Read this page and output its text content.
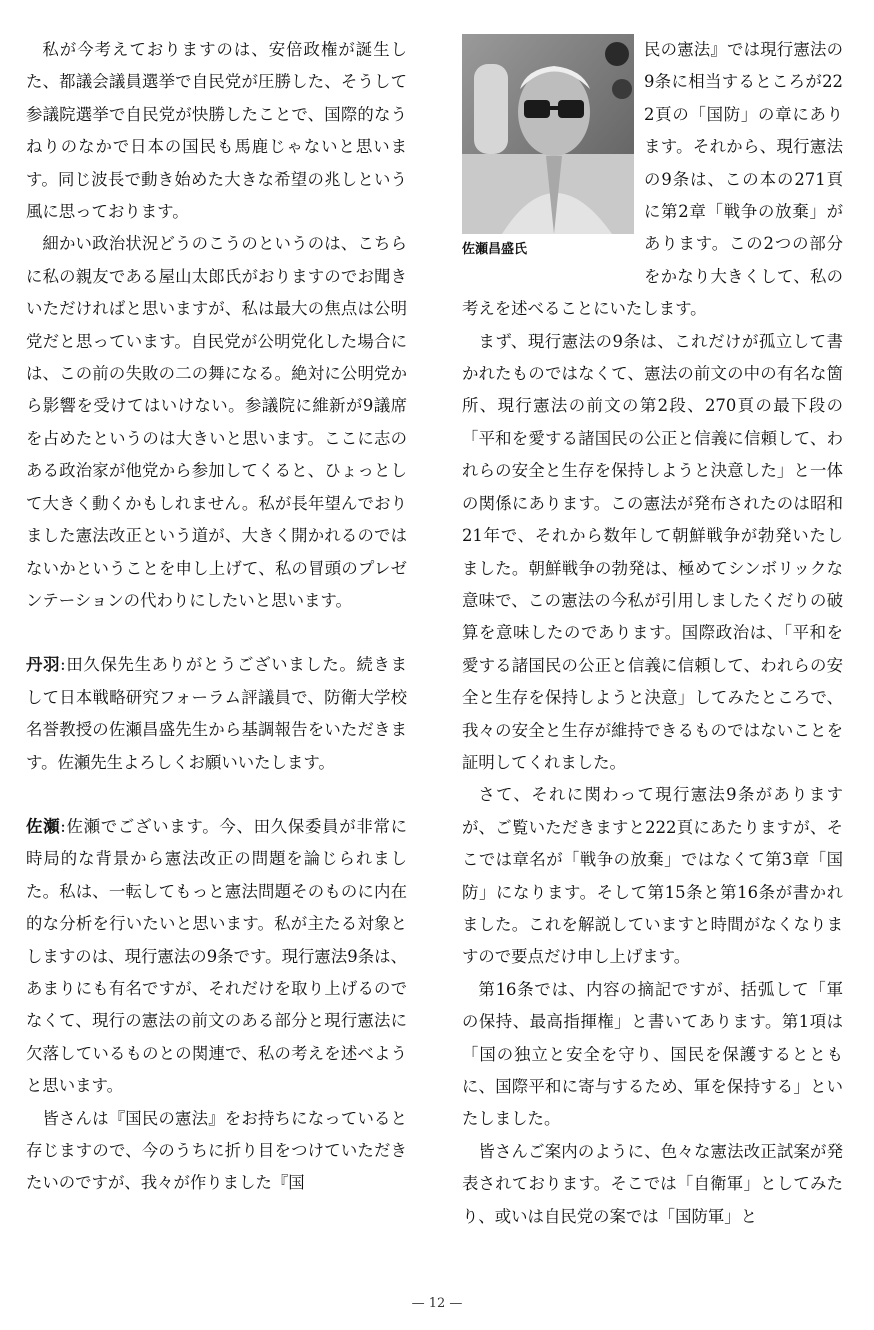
私が今考えておりますのは、安倍政権が誕生した、都議会議員選挙で自民党が圧勝した、そうして参議院選挙で自民党が快勝したことで、国際的なうねりのなかで日本の国民も馬鹿じゃないと思います。同じ波長で動き始めた大きな希望の兆しという風に思っております。

細かい政治状況どうのこうのというのは、こちらに私の親友である屋山太郎氏がおりますのでお聞きいただければと思いますが、私は最大の焦点は公明党だと思っています。自民党が公明党化した場合には、この前の失敗の二の舞になる。絶対に公明党から影響を受けてはいけない。参議院に維新が9議席を占めたというのは大きいと思います。ここに志のある政治家が他党から参加してくると、ひょっとして大きく動くかもしれません。私が長年望んでおりました憲法改正という道が、大きく開かれるのではないかということを申し上げて、私の冒頭のプレゼンテーションの代わりにしたいと思います。

丹羽:田久保先生ありがとうございました。続きまして日本戦略研究フォーラム評議員で、防衛大学校名誉教授の佐瀬昌盛先生から基調報告をいただきます。佐瀬先生よろしくお願いいたします。

佐瀬:佐瀬でございます。今、田久保委員が非常に時局的な背景から憲法改正の問題を論じられました。私は、一転してもっと憲法問題そのものに内在的な分析を行いたいと思います。私が主たる対象としますのは、現行憲法の9条です。現行憲法9条は、あまりにも有名ですが、それだけを取り上げるのでなくて、現行の憲法の前文のある部分と現行憲法に欠落しているものとの関連で、私の考えを述べようと思います。

皆さんは『国民の憲法』をお持ちになっていると存じますので、今のうちに折り目をつけていただきたいのですが、我々が作りました『国

佐瀬昌盛氏

民の憲法』では現行憲法の9条に相当するところが222頁の「国防」の章にあります。それから、現行憲法の9条は、この本の271頁に第2章「戦争の放棄」があります。この2つの部分をかなり大きくして、私の考えを述べることにいたします。

まず、現行憲法の9条は、これだけが孤立して書かれたものではなくて、憲法の前文の中の有名な箇所、現行憲法の前文の第2段、270頁の最下段の「平和を愛する諸国民の公正と信義に信頼して、われらの安全と生存を保持しようと決意した」と一体の関係にあります。この憲法が発布されたのは昭和21年で、それから数年して朝鮮戦争が勃発いたしました。朝鮮戦争の勃発は、極めてシンボリックな意味で、この憲法の今私が引用しましたくだりの破算を意味したのであります。国際政治は、「平和を愛する諸国民の公正と信義に信頼して、われらの安全と生存を保持しようと決意」してみたところで、我々の安全と生存が維持できるものではないことを証明してくれました。

さて、それに関わって現行憲法9条がありますが、ご覧いただきますと222頁にあたりますが、そこでは章名が「戦争の放棄」ではなくて第3章「国防」になります。そして第15条と第16条が書かれました。これを解説していますと時間がなくなりますので要点だけ申し上げます。

第16条では、内容の摘記ですが、括弧して「軍の保持、最高指揮権」と書いてあります。第1項は「国の独立と安全を守り、国民を保護するとともに、国際平和に寄与するため、軍を保持する」といたしました。

皆さんご案内のように、色々な憲法改正試案が発表されております。そこでは「自衛軍」としてみたり、或いは自民党の案では「国防軍」と

— 12 —
